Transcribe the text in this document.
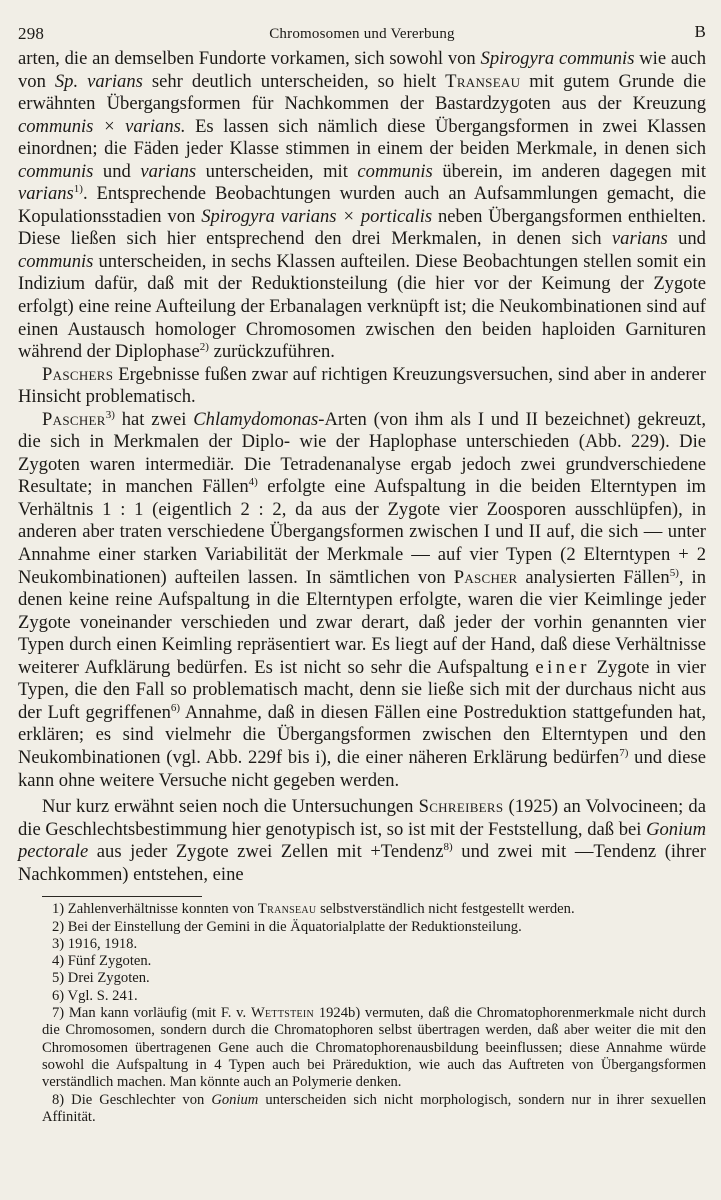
298	Chromosomen und Vererbung	B

arten, die an demselben Fundorte vorkamen, sich sowohl von Spirogyra communis wie auch von Sp. varians sehr deutlich unterscheiden, so hielt Transeau mit gutem Grunde die erwähnten Übergangsformen für Nachkommen der Bastardzygoten aus der Kreuzung communis × varians. Es lassen sich nämlich diese Übergangsformen in zwei Klassen einordnen; die Fäden jeder Klasse stimmen in einem der beiden Merkmale, in denen sich communis und varians unterscheiden, mit communis überein, im anderen dagegen mit varians$^{1)}$. Entsprechende Beobachtungen wurden auch an Aufsammlungen gemacht, die Kopulationsstadien von Spirogyra varians × porticalis neben Übergangsformen enthielten. Diese ließen sich hier entsprechend den drei Merkmalen, in denen sich varians und communis unterscheiden, in sechs Klassen aufteilen. Diese Beobachtungen stellen somit ein Indizium dafür, daß mit der Reduktionsteilung (die hier vor der Keimung der Zygote erfolgt) eine reine Aufteilung der Erbanalagen verknüpft ist; die Neukombinationen sind auf einen Austausch homologer Chromosomen zwischen den beiden haploiden Garnituren während der Diplophase$^{2)}$ zurückzuführen.

Paschers Ergebnisse fußen zwar auf richtigen Kreuzungsversuchen, sind aber in anderer Hinsicht problematisch.

Pascher$^{3)}$ hat zwei Chlamydomonas-Arten (von ihm als I und II bezeichnet) gekreuzt, die sich in Merkmalen der Diplo- wie der Haplophase unterschieden (Abb. 229). Die Zygoten waren intermediär. Die Tetradenanalyse ergab jedoch zwei grundverschiedene Resultate; in manchen Fällen$^{4)}$ erfolgte eine Aufspaltung in die beiden Elterntypen im Verhältnis 1 : 1 (eigentlich 2 : 2, da aus der Zygote vier Zoosporen ausschlüpfen), in anderen aber traten verschiedene Übergangsformen zwischen I und II auf, die sich — unter Annahme einer starken Variabilität der Merkmale — auf vier Typen (2 Elterntypen + 2 Neukombinationen) aufteilen lassen. In sämtlichen von Pascher analysierten Fällen$^{5)}$, in denen keine reine Aufspaltung in die Elterntypen erfolgte, waren die vier Keimlinge jeder Zygote voneinander verschieden und zwar derart, daß jeder der vorhin genannten vier Typen durch einen Keimling repräsentiert war. Es liegt auf der Hand, daß diese Verhältnisse weiterer Aufklärung bedürfen. Es ist nicht so sehr die Aufspaltung einer Zygote in vier Typen, die den Fall so problematisch macht, denn sie ließe sich mit der durchaus nicht aus der Luft gegriffenen$^{6)}$ Annahme, daß in diesen Fällen eine Postreduktion stattgefunden hat, erklären; es sind vielmehr die Übergangsformen zwischen den Elterntypen und den Neukombinationen (vgl. Abb. 229f bis i), die einer näheren Erklärung bedürfen$^{7)}$ und diese kann ohne weitere Versuche nicht gegeben werden.

Nur kurz erwähnt seien noch die Untersuchungen Schreibers (1925) an Volvocineen; da die Geschlechtsbestimmung hier genotypisch ist, so ist mit der Feststellung, daß bei Gonium pectorale aus jeder Zygote zwei Zellen mit +Tendenz$^{8)}$ und zwei mit —Tendenz (ihrer Nachkommen) entstehen, eine

1) Zahlenverhältnisse konnten von Transeau selbstverständlich nicht festgestellt werden.

2) Bei der Einstellung der Gemini in die Äquatorialplatte der Reduktionsteilung.

3) 1916, 1918.

4) Fünf Zygoten.

5) Drei Zygoten.

6) Vgl. S. 241.

7) Man kann vorläufig (mit F. v. Wettstein 1924b) vermuten, daß die Chromatophorenmerkmale nicht durch die Chromosomen, sondern durch die Chromatophoren selbst übertragen werden, daß aber weiter die mit den Chromosomen übertragenen Gene auch die Chromatophorenausbildung beeinflussen; diese Annahme würde sowohl die Aufspaltung in 4 Typen auch bei Präreduktion, wie auch das Auftreten von Übergangsformen verständlich machen. Man könnte auch an Polymerie denken.

8) Die Geschlechter von Gonium unterscheiden sich nicht morphologisch, sondern nur in ihrer sexuellen Affinität.
